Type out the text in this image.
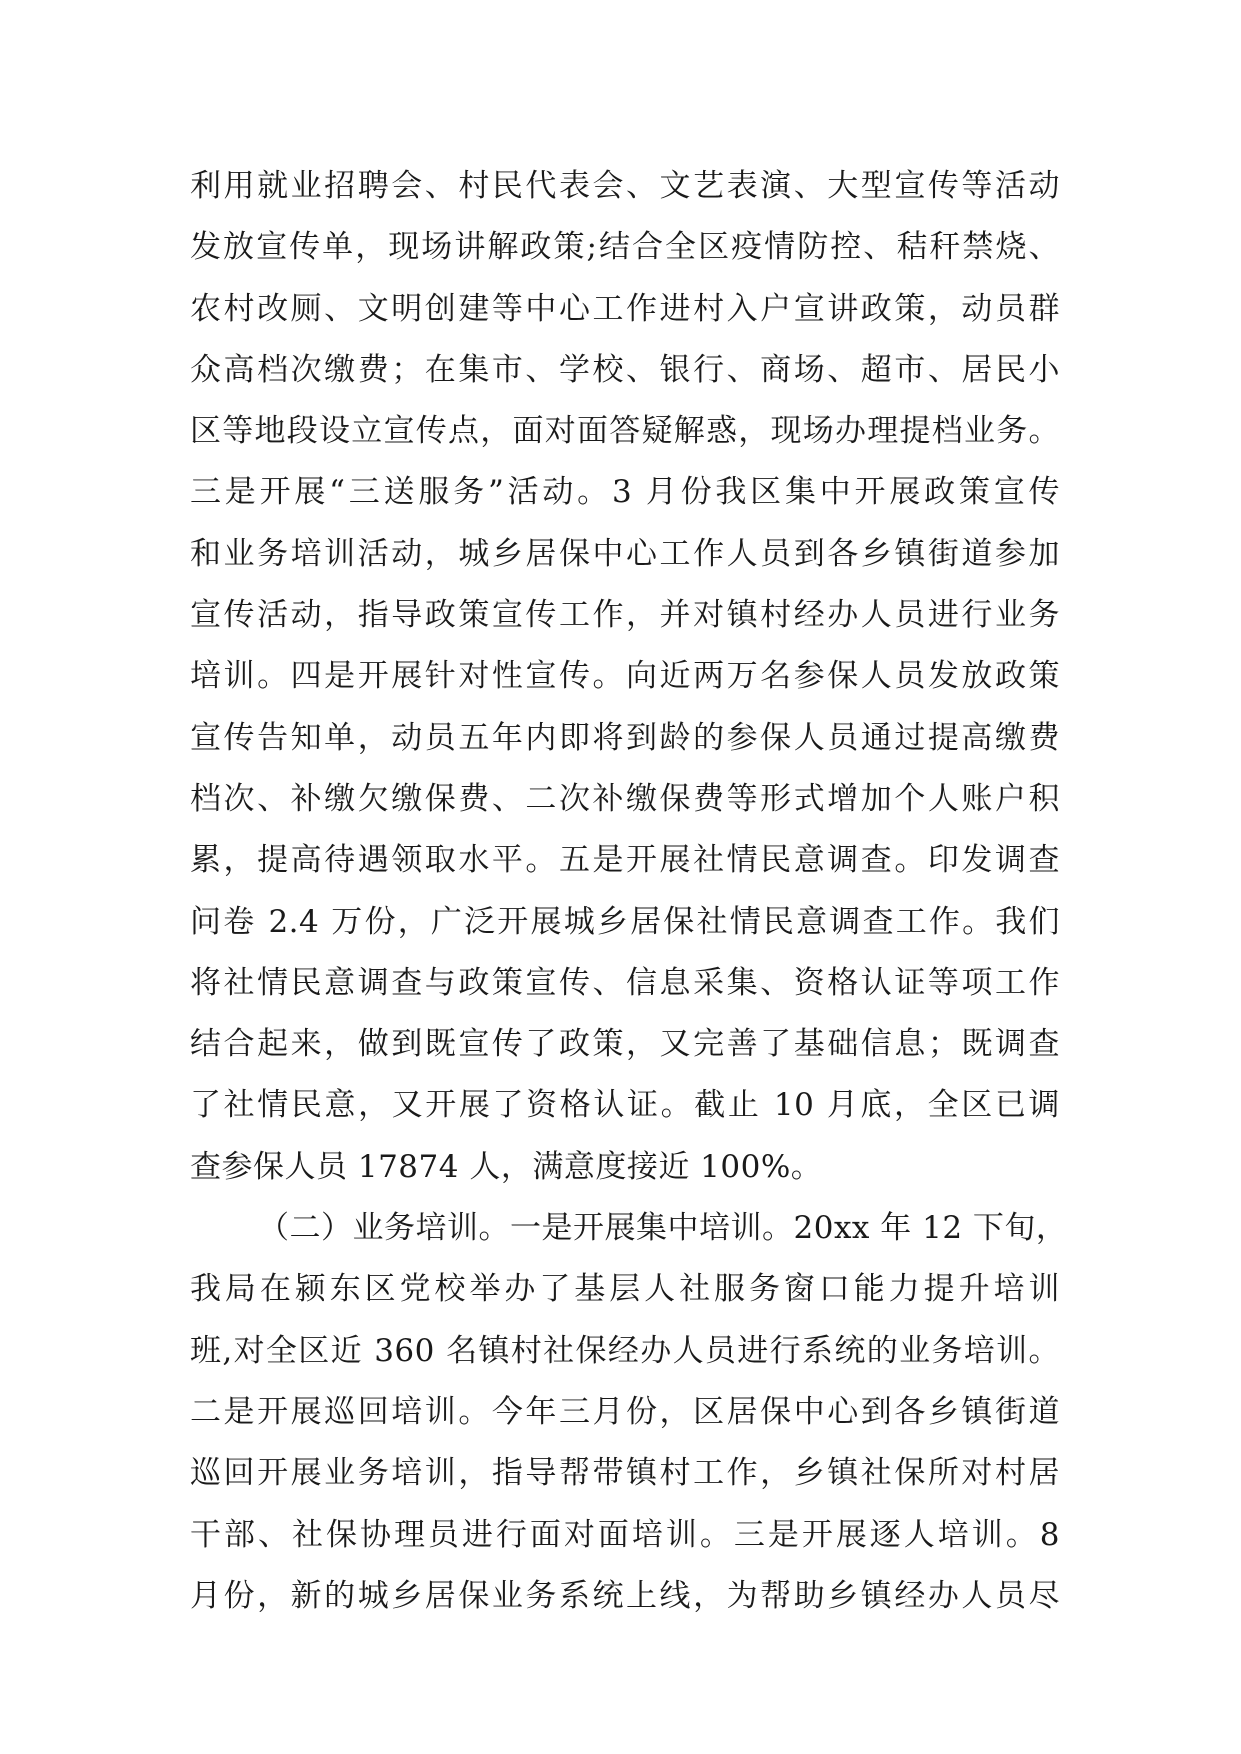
利用就业招聘会、村民代表会、文艺表演、大型宣传等活动
发放宣传单，现场讲解政策;结合全区疫情防控、秸秆禁烧、
农村改厕、文明创建等中心工作进村入户宣讲政策，动员群
众高档次缴费；在集市、学校、银行、商场、超市、居民小
区等地段设立宣传点，面对面答疑解惑，现场办理提档业务。
三是开展“三送服务”活动。3 月份我区集中开展政策宣传
和业务培训活动，城乡居保中心工作人员到各乡镇街道参加
宣传活动，指导政策宣传工作，并对镇村经办人员进行业务
培训。四是开展针对性宣传。向近两万名参保人员发放政策
宣传告知单，动员五年内即将到龄的参保人员通过提高缴费
档次、补缴欠缴保费、二次补缴保费等形式增加个人账户积
累，提高待遇领取水平。五是开展社情民意调查。印发调查
问卷 2.4 万份，广泛开展城乡居保社情民意调查工作。我们
将社情民意调查与政策宣传、信息采集、资格认证等项工作
结合起来，做到既宣传了政策，又完善了基础信息；既调查
了社情民意，又开展了资格认证。截止 10 月底，全区已调
查参保人员 17874 人，满意度接近 100%。
（二）业务培训。一是开展集中培训。20xx 年 12 下旬，
我局在颍东区党校举办了基层人社服务窗口能力提升培训
班,对全区近 360 名镇村社保经办人员进行系统的业务培训。
二是开展巡回培训。今年三月份，区居保中心到各乡镇街道
巡回开展业务培训，指导帮带镇村工作，乡镇社保所对村居
干部、社保协理员进行面对面培训。三是开展逐人培训。8
月份，新的城乡居保业务系统上线，为帮助乡镇经办人员尽
